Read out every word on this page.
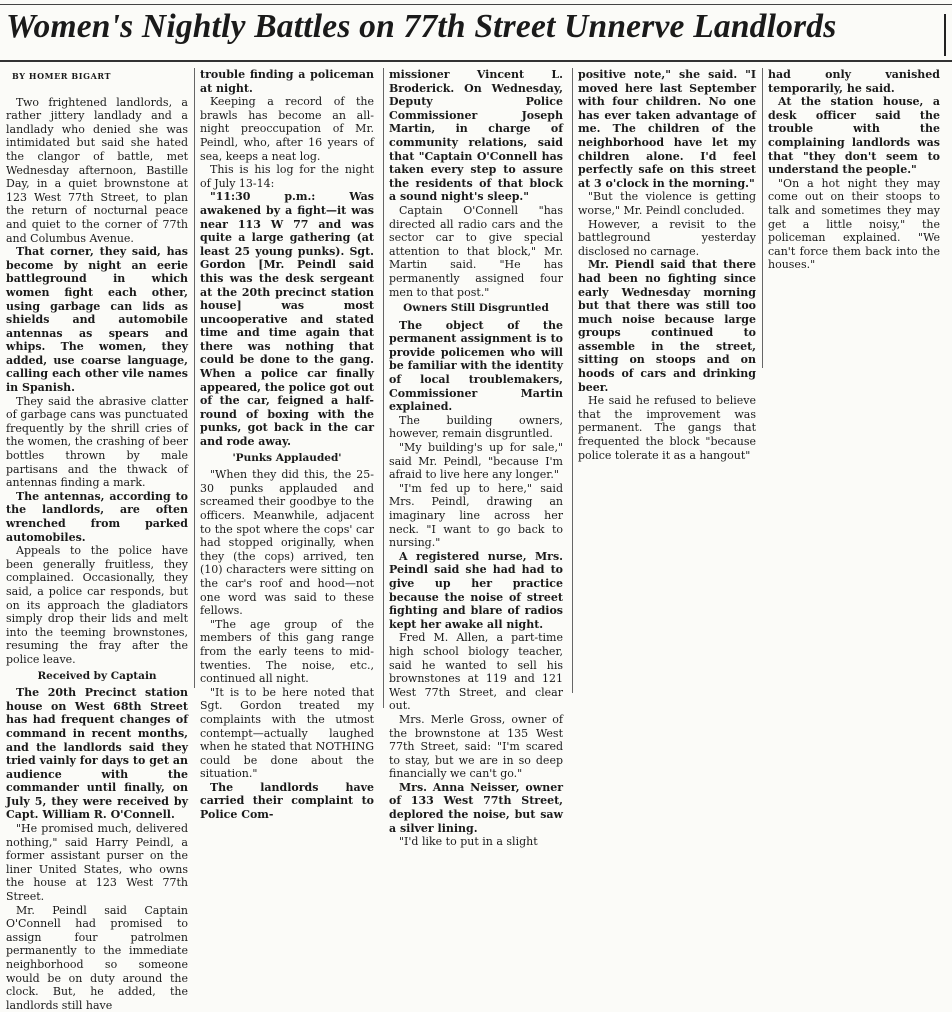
Women's Nightly Battles on 77th Street Unnerve Landlords
BY HOMER BIGART

Two frightened landlords, a rather jittery landlady and a landlady who denied she was intimidated but said she hated the clangor of battle, met Wednesday afternoon, Bastille Day, in a quiet brownstone at 123 West 77th Street, to plan the return of nocturnal peace and quiet to the corner of 77th and Columbus Avenue.

That corner, they said, has become by night an eerie battleground in which women fight each other, using garbage can lids as shields and automobile antennas as spears and whips. The women, they added, use coarse language, calling each other vile names in Spanish.

They said the abrasive clatter of garbage cans was punctuated frequently by the shrill cries of the women, the crashing of beer bottles thrown by male partisans and the thwack of antennas finding a mark.

The antennas, according to the landlords, are often wrenched from parked automobiles.

Appeals to the police have been generally fruitless, they complained. Occasionally, they said, a police car responds, but on its approach the gladiators simply drop their lids and melt into the teeming brownstones, resuming the fray after the police leave.

Received by Captain

The 20th Precinct station house on West 68th Street has had frequent changes of command in recent months, and the landlords said they tried vainly for days to get an audience with the commander until finally, on July 5, they were received by Capt. William R. O'Connell.

"He promised much, delivered nothing," said Harry Peindl, a former assistant purser on the liner United States, who owns the house at 123 West 77th Street.

Mr. Peindl said Captain O'Connell had promised to assign four patrolmen permanently to the immediate neighborhood so someone would be on duty around the clock. But, he added, the landlords still have

trouble finding a policeman at night.

Keeping a record of the brawls has become an all-night preoccupation of Mr. Peindl, who, after 16 years of sea, keeps a neat log.

This is his log for the night of July 13-14:

"11:30 p.m.: Was awakened by a fight—it was near 113 W 77 and was quite a large gathering (at least 25 young punks). Sgt. Gordon [Mr. Peindl said this was the desk sergeant at the 20th precinct station house] was most uncooperative and stated time and time again that there was nothing that could be done to the gang. When a police car finally appeared, the police got out of the car, feigned a half-round of boxing with the punks, got back in the car and rode away.

'Punks Applauded'

"When they did this, the 25-30 punks applauded and screamed their goodbye to the officers. Meanwhile, adjacent to the spot where the cops' car had stopped originally, when they (the cops) arrived, ten (10) characters were sitting on the car's roof and hood—not one word was said to these fellows.

"The age group of the members of this gang range from the early teens to mid-twenties. The noise, etc., continued all night.

"It is to be here noted that Sgt. Gordon treated my complaints with the utmost contempt—actually laughed when he stated that NOTHING could be done about the situation."

The landlords have carried their complaint to Police Com-

missioner Vincent L. Broderick. On Wednesday, Deputy Police Commissioner Joseph Martin, in charge of community relations, said that "Captain O'Connell has taken every step to assure the residents of that block a sound night's sleep."

Captain O'Connell "has directed all radio cars and the sector car to give special attention to that block," Mr. Martin said. "He has permanently assigned four men to that post."

Owners Still Disgruntled

The object of the permanent assignment is to provide policemen who will be familiar with the identity of local troublemakers, Commissioner Martin explained.

The building owners, however, remain disgruntled.

"My building's up for sale," said Mr. Peindl, "because I'm afraid to live here any longer."

"I'm fed up to here," said Mrs. Peindl, drawing an imaginary line across her neck. "I want to go back to nursing."

A registered nurse, Mrs. Peindl said she had had to give up her practice because the noise of street fighting and blare of radios kept her awake all night.

Fred M. Allen, a part-time high school biology teacher, said he wanted to sell his brownstones at 119 and 121 West 77th Street, and clear out.

Mrs. Merle Gross, owner of the brownstone at 135 West 77th Street, said: "I'm scared to stay, but we are in so deep financially we can't go."

Mrs. Anna Neisser, owner of 133 West 77th Street, deplored the noise, but saw a silver lining.

"I'd like to put in a slight

positive note," she said. "I moved here last September with four children. No one has ever taken advantage of me. The children of the neighborhood have let my children alone. I'd feel perfectly safe on this street at 3 o'clock in the morning."

"But the violence is getting worse," Mr. Peindl concluded.

However, a revisit to the battleground yesterday disclosed no carnage.

Mr. Piendl said that there had been no fighting since early Wednesday morning but that there was still too much noise because large groups continued to assemble in the street, sitting on stoops and on hoods of cars and drinking beer.

He said he refused to believe that the improvement was permanent. The gangs that frequented the block "because police tolerate it as a hangout"

had only vanished temporarily, he said.

At the station house, a desk officer said the trouble with the complaining landlords was that "they don't seem to understand the people."

"On a hot night they may come out on their stoops to talk and sometimes they may get a little noisy," the policeman explained. "We can't force them back into the houses."
